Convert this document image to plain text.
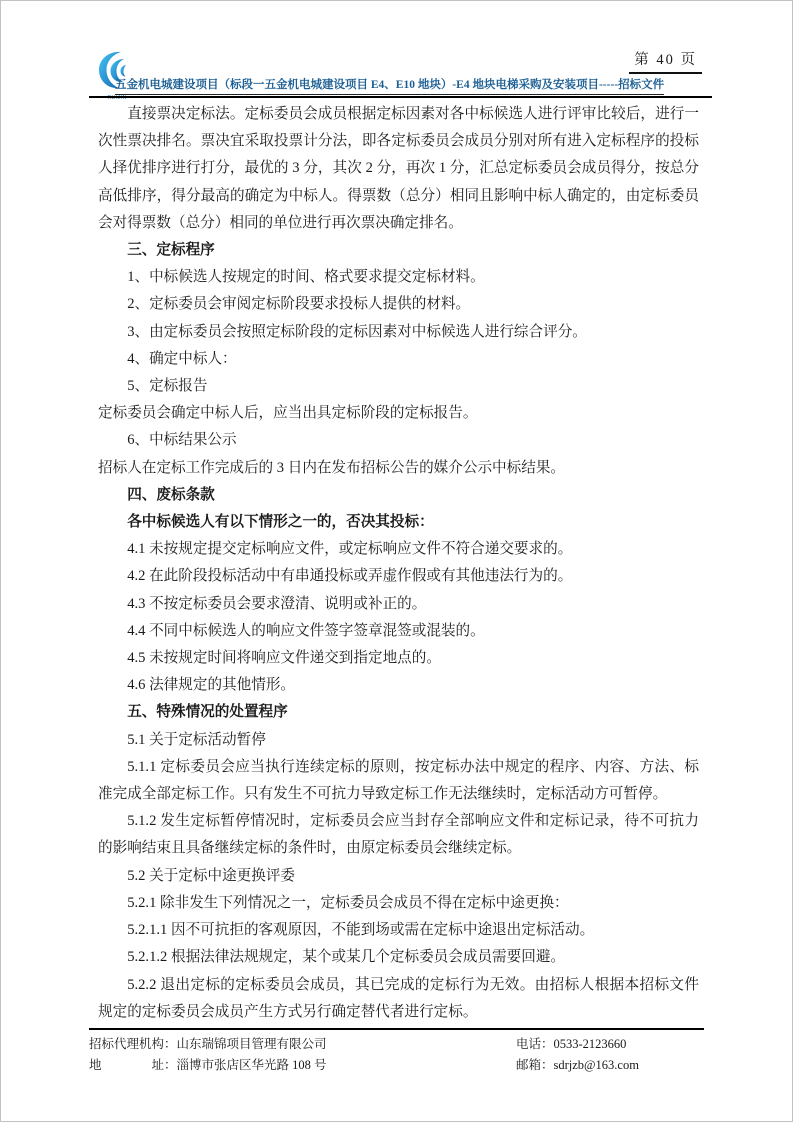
RUIJIN
第 40 页
五金机电城建设项目（标段一五金机电城建设项目 E4、E10 地块）-E4 地块电梯采购及安装项目-----招标文件

直接票决定标法。定标委员会成员根据定标因素对各中标候选人进行评审比较后，进行一次性票决排名。票决宜采取投票计分法，即各定标委员会成员分别对所有进入定标程序的投标人择优排序进行打分，最优的 3 分，其次 2 分，再次 1 分，汇总定标委员会成员得分，按总分高低排序，得分最高的确定为中标人。得票数（总分）相同且影响中标人确定的，由定标委员会对得票数（总分）相同的单位进行再次票决确定排名。

三、定标程序

1、中标候选人按规定的时间、格式要求提交定标材料。

2、定标委员会审阅定标阶段要求投标人提供的材料。

3、由定标委员会按照定标阶段的定标因素对中标候选人进行综合评分。

4、确定中标人：

5、定标报告

定标委员会确定中标人后，应当出具定标阶段的定标报告。

6、中标结果公示

招标人在定标工作完成后的 3 日内在发布招标公告的媒介公示中标结果。

四、废标条款

各中标候选人有以下情形之一的，否决其投标：

4.1 未按规定提交定标响应文件，或定标响应文件不符合递交要求的。

4.2 在此阶段投标活动中有串通投标或弄虚作假或有其他违法行为的。

4.3 不按定标委员会要求澄清、说明或补正的。

4.4 不同中标候选人的响应文件签字签章混签或混装的。

4.5 未按规定时间将响应文件递交到指定地点的。

4.6 法律规定的其他情形。

五、特殊情况的处置程序

5.1 关于定标活动暂停

5.1.1 定标委员会应当执行连续定标的原则，按定标办法中规定的程序、内容、方法、标准完成全部定标工作。只有发生不可抗力导致定标工作无法继续时，定标活动方可暂停。

5.1.2 发生定标暂停情况时，定标委员会应当封存全部响应文件和定标记录，待不可抗力的影响结束且具备继续定标的条件时，由原定标委员会继续定标。

5.2 关于定标中途更换评委

5.2.1 除非发生下列情况之一，定标委员会成员不得在定标中途更换：

5.2.1.1 因不可抗拒的客观原因，不能到场或需在定标中途退出定标活动。

5.2.1.2 根据法律法规规定，某个或某几个定标委员会成员需要回避。

5.2.2 退出定标的定标委员会成员，其已完成的定标行为无效。由招标人根据本招标文件规定的定标委员会成员产生方式另行确定替代者进行定标。

招标代理机构：山东瑞锦项目管理有限公司

地　　　　址：淄博市张店区华光路 108 号

电话：0533-2123660

邮箱：sdrjzb@163.com
